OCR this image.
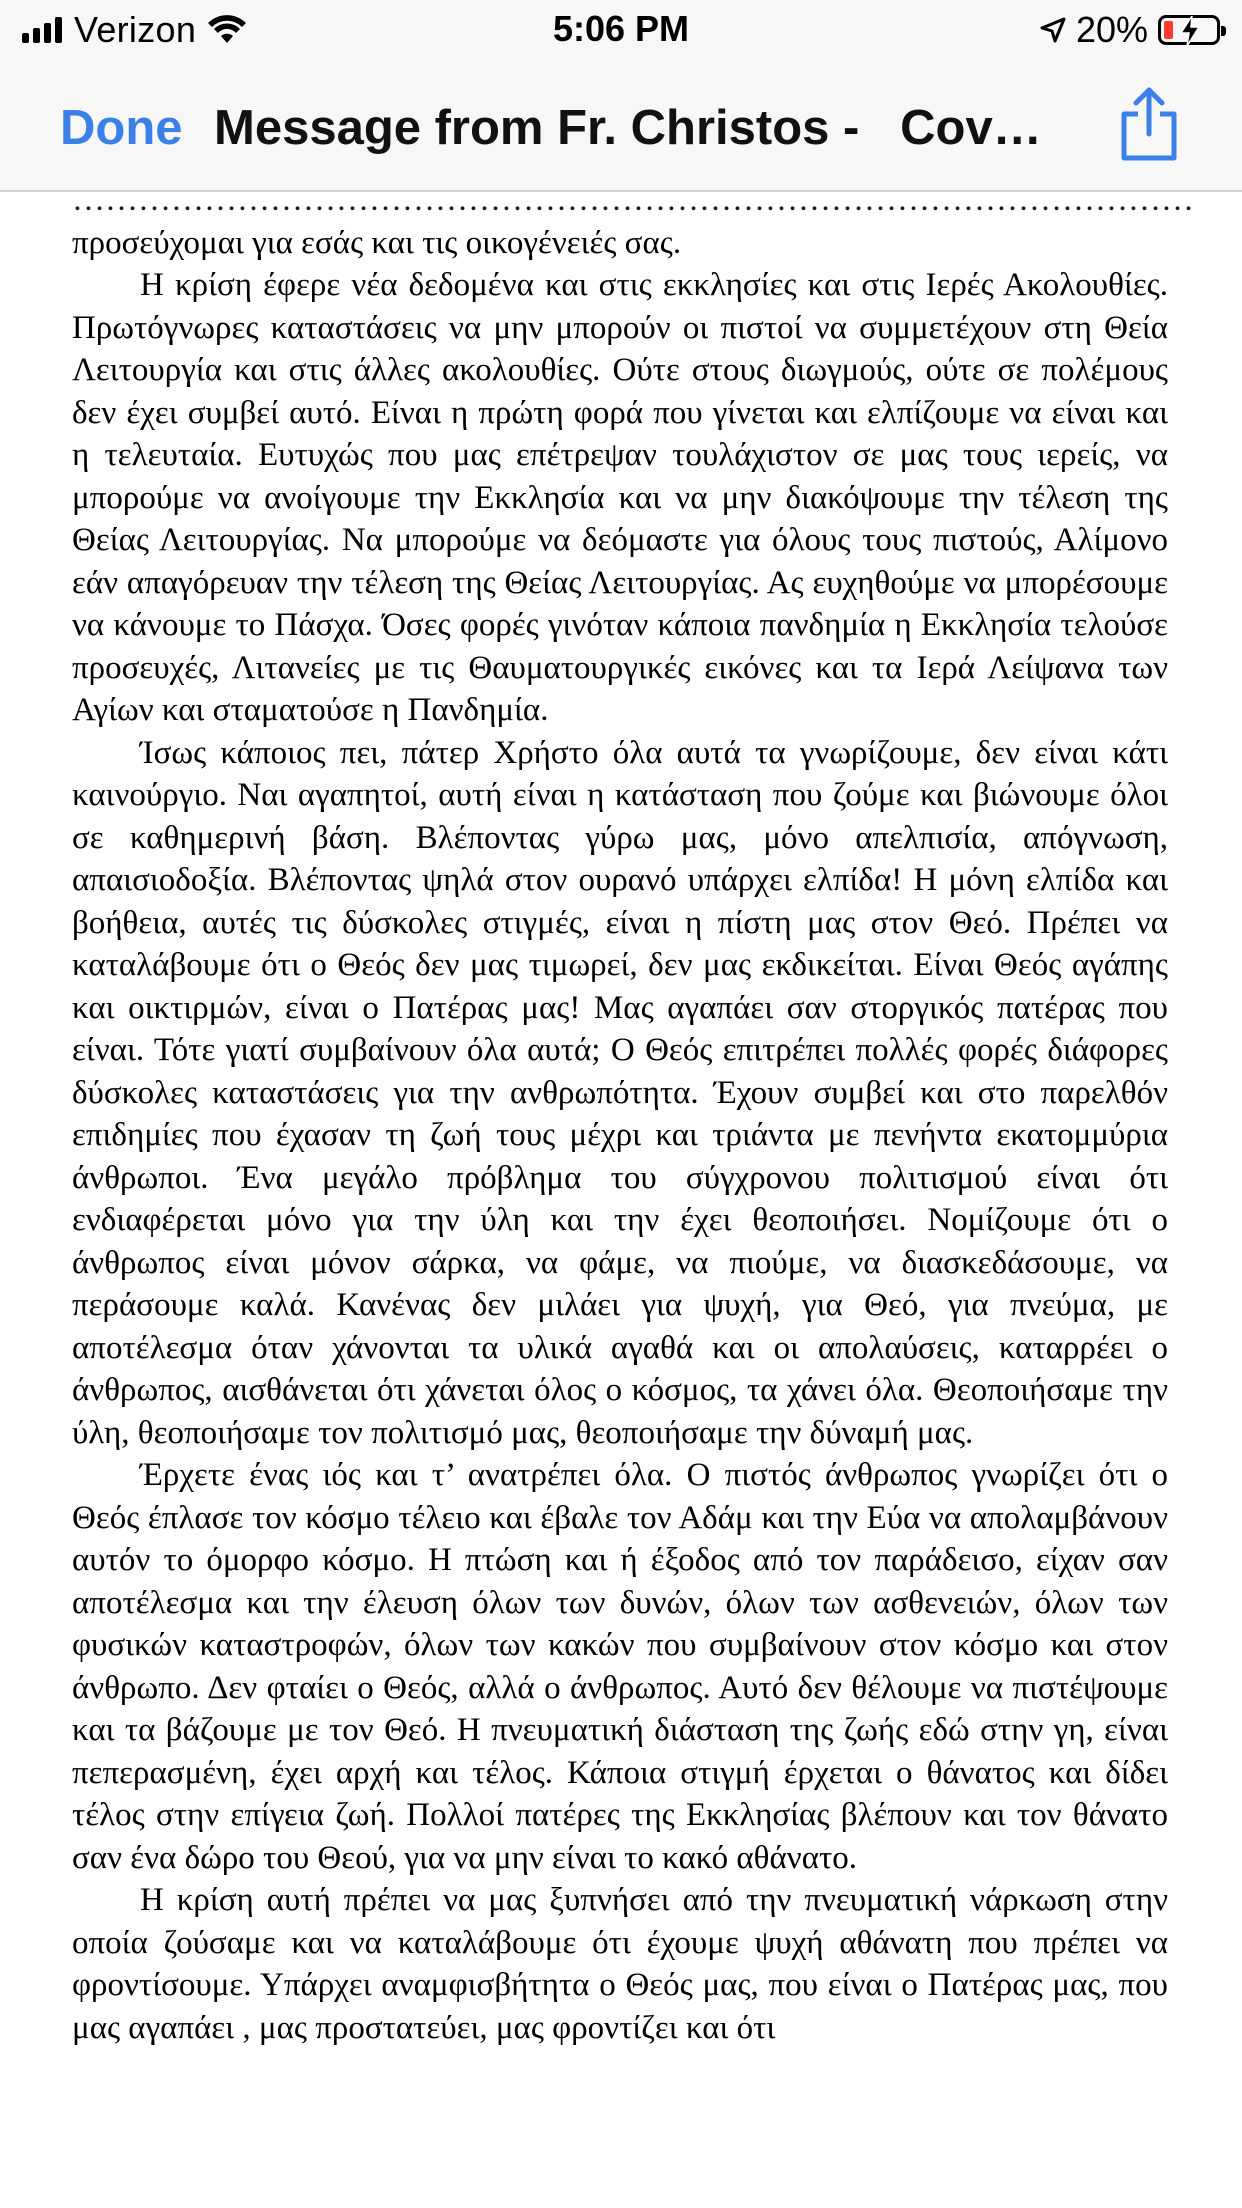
Verizon	5:06 PM	20%
Done Message from Fr. Christos -   Cov…

…………………………………………………………………………………………

προσεύχομαι για εσάς και τις οικογένειές σας.

Η κρίση έφερε νέα δεδομένα και στις εκκλησίες και στις Ιερές Ακολουθίες. Πρωτόγνωρες καταστάσεις να μην μπορούν οι πιστοί να συμμετέχουν στη Θεία Λειτουργία και στις άλλες ακολουθίες. Ούτε στους διωγμούς, ούτε σε πολέμους δεν έχει συμβεί αυτό. Είναι η πρώτη φορά που γίνεται και ελπίζουμε να είναι και η τελευταία. Ευτυχώς που μας επέτρεψαν τουλάχιστον σε μας τους ιερείς, να μπορούμε να ανοίγουμε την Εκκλησία και να μην διακόψουμε την τέλεση της Θείας Λειτουργίας. Να μπορούμε να δεόμαστε για όλους τους πιστούς, Αλίμονο εάν απαγόρευαν την τέλεση της Θείας Λειτουργίας. Ας ευχηθούμε να μπορέσουμε να κάνουμε το Πάσχα. Όσες φορές γινόταν κάποια πανδημία η Εκκλησία τελούσε προσευχές, Λιτανείες με τις Θαυματουργικές εικόνες και τα Ιερά Λείψανα των Αγίων και σταματούσε η Πανδημία.

Ίσως κάποιος πει, πάτερ Χρήστο όλα αυτά τα γνωρίζουμε, δεν είναι κάτι καινούργιο. Ναι αγαπητοί, αυτή είναι η κατάσταση που ζούμε και βιώνουμε όλοι σε καθημερινή βάση. Βλέποντας γύρω μας, μόνο απελπισία, απόγνωση, απαισιοδοξία. Βλέποντας ψηλά στον ουρανό υπάρχει ελπίδα! Η μόνη ελπίδα και βοήθεια, αυτές τις δύσκολες στιγμές, είναι η πίστη μας στον Θεό. Πρέπει να καταλάβουμε ότι ο Θεός δεν μας τιμωρεί, δεν μας εκδικείται. Είναι Θεός αγάπης και οικτιρμών, είναι ο Πατέρας μας! Μας αγαπάει σαν στοργικός πατέρας που είναι. Τότε γιατί συμβαίνουν όλα αυτά; Ο Θεός επιτρέπει πολλές φορές διάφορες δύσκολες καταστάσεις για την ανθρωπότητα. Έχουν συμβεί και στο παρελθόν επιδημίες που έχασαν τη ζωή τους μέχρι και τριάντα με πενήντα εκατομμύρια άνθρωποι. Ένα μεγάλο πρόβλημα του σύγχρονου πολιτισμού είναι ότι ενδιαφέρεται μόνο για την ύλη και την έχει θεοποιήσει. Νομίζουμε ότι ο άνθρωπος είναι μόνον σάρκα, να φάμε, να πιούμε, να διασκεδάσουμε, να περάσουμε καλά. Κανένας δεν μιλάει για ψυχή, για Θεό, για πνεύμα, με αποτέλεσμα όταν χάνονται τα υλικά αγαθά και οι απολαύσεις, καταρρέει ο άνθρωπος, αισθάνεται ότι χάνεται όλος ο κόσμος, τα χάνει όλα. Θεοποιήσαμε την ύλη, θεοποιήσαμε τον πολιτισμό μας, θεοποιήσαμε την δύναμή μας.

Έρχετε ένας ιός και τ’ ανατρέπει όλα. Ο πιστός άνθρωπος γνωρίζει ότι ο Θεός έπλασε τον κόσμο τέλειο και έβαλε τον Αδάμ και την Εύα να απολαμβάνουν αυτόν το όμορφο κόσμο. Η πτώση και ή έξοδος από τον παράδεισο, είχαν σαν αποτέλεσμα και την έλευση όλων των δυνών, όλων των ασθενειών, όλων των φυσικών καταστροφών, όλων των κακών που συμβαίνουν στον κόσμο και στον άνθρωπο. Δεν φταίει ο Θεός, αλλά ο άνθρωπος. Αυτό δεν θέλουμε να πιστέψουμε και τα βάζουμε με τον Θεό. Η πνευματική διάσταση της ζωής εδώ στην γη, είναι πεπερασμένη, έχει αρχή και τέλος. Κάποια στιγμή έρχεται ο θάνατος και δίδει τέλος στην επίγεια ζωή. Πολλοί πατέρες της Εκκλησίας βλέπουν και τον θάνατο σαν ένα δώρο του Θεού, για να μην είναι το κακό αθάνατο.

Η κρίση αυτή πρέπει να μας ξυπνήσει από την πνευματική νάρκωση στην οποία ζούσαμε και να καταλάβουμε ότι έχουμε ψυχή αθάνατη που πρέπει να φροντίσουμε. Υπάρχει αναμφισβήτητα ο Θεός μας, που είναι ο Πατέρας μας, που μας αγαπάει , μας προστατεύει, μας φροντίζει και ότι
